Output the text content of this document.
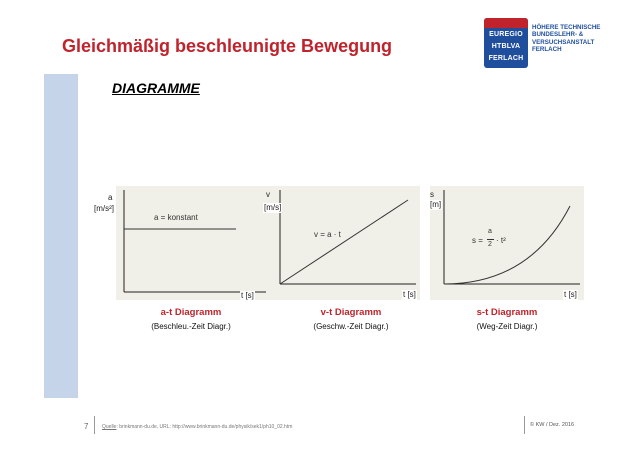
Gleichmäßig beschleunigte Bewegung
EUREGIO
HTBLVA
FERLACH
HÖHERE TECHNISCHE
BUNDESLEHR- &
VERSUCHSANSTALT
FERLACH
DIAGRAMME
a = konstant
a
[m/s²]
t [s]
a-t Diagramm
(Beschleu.-Zeit Diagr.)
v = a · t
v
[m/s]
t [s]
v-t Diagramm
(Geschw.-Zeit Diagr.)
s =
a
2 · t²
s
[m]
t [s]
s-t Diagramm
(Weg-Zeit Diagr.)
7	Quelle: brinkmann-du.de, URL: http://www.brinkmann-du.de/physik/sek1/ph10_02.htm	© KW / Dez. 2016
